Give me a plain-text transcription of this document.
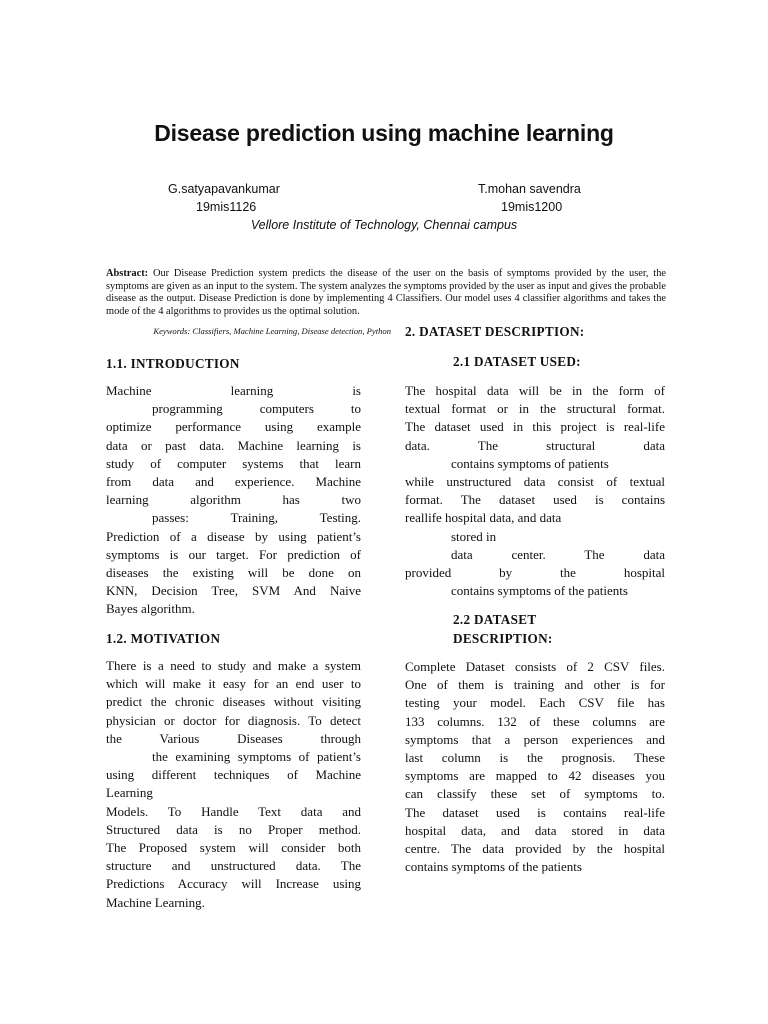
Disease prediction using machine learning
G.satyapavankumar
19mis1126
T.mohan savendra
19mis1200
Vellore Institute of Technology, Chennai campus
Abstract: Our Disease Prediction system predicts the disease of the user on the basis of symptoms provided by the user, the symptoms are given as an input to the system. The system analyzes the symptoms provided by the user as input and gives the probable disease as the output. Disease Prediction is done by implementing 4 Classifiers. Our model uses 4 classifier algorithms and takes the mode of the 4 algorithms to provides us the optimal solution.
Keywords: Classifiers, Machine Learning, Disease detection, Python
1.1. INTRODUCTION
Machine learning is
programming computers to
optimize performance using example
data or past data. Machine learning is
study of computer systems that learn
from data and experience. Machine
learning algorithm has two
passes: Training, Testing.
Prediction of a disease by using patient’s
symptoms is our target. For prediction of
diseases the existing will be done on
KNN, Decision Tree, SVM And Naive
Bayes algorithm.
1.2. MOTIVATION
There is a need to study and make a system
which will make it easy for an end user to
predict the chronic diseases without visiting
physician or doctor for diagnosis. To detect
the Various Diseases through
the examining symptoms of patient’s
using different techniques of Machine
Learning
Models. To Handle Text data and
Structured data is no Proper method.
The Proposed system will consider both
structure and unstructured data. The
Predictions Accuracy will Increase using
Machine Learning.
2. DATASET DESCRIPTION:
2.1 DATASET USED:
The hospital data will be in the form of
textual format or in the structural format.
The dataset used in this project is real-life
data. The structural data
contains symptoms of patients
while unstructured data consist of textual
format. The dataset used is contains
reallife hospital data, and data
stored in
data center. The data
provided by the hospital
contains symptoms of the patients
2.2 DATASET
DESCRIPTION:
Complete Dataset consists of 2 CSV files.
One of them is training and other is for
testing your model. Each CSV file has
133 columns. 132 of these columns are
symptoms that a person experiences and
last column is the prognosis. These
symptoms are mapped to 42 diseases you
can classify these set of symptoms to.
The dataset used is contains real-life
hospital data, and data stored in data
centre. The data provided by the hospital
contains symptoms of the patients
